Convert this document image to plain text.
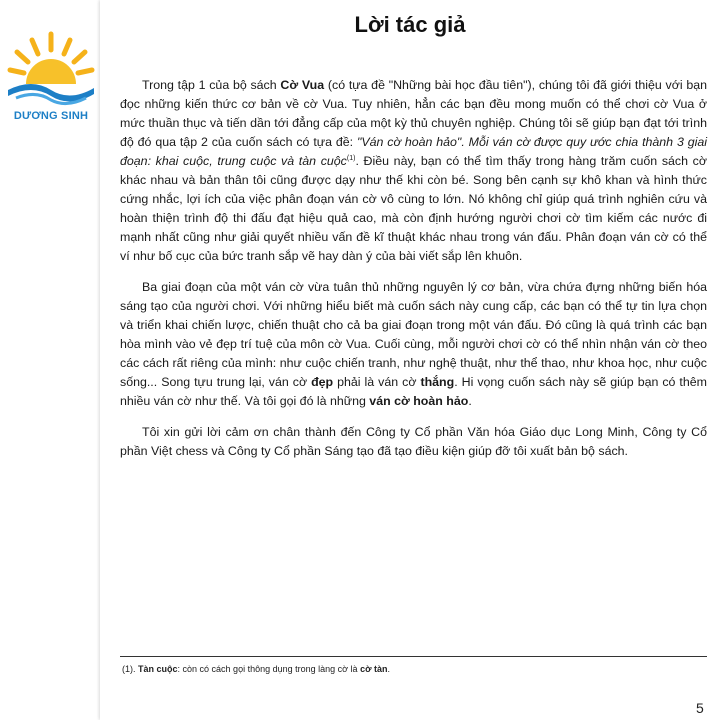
DƯƠNG SINH
Lời tác giả

Trong tập 1 của bộ sách Cờ Vua (có tựa đề "Những bài học đầu tiên"), chúng tôi đã giới thiệu với bạn đọc những kiến thức cơ bản về cờ Vua. Tuy nhiên, hẳn các bạn đều mong muốn có thể chơi cờ Vua ở mức thuần thục và tiến dần tới đẳng cấp của một kỳ thủ chuyên nghiệp. Chúng tôi sẽ giúp bạn đạt tới trình độ đó qua tập 2 của cuốn sách có tựa đề: "Ván cờ hoàn hảo". Mỗi ván cờ được quy ước chia thành 3 giai đoạn: khai cuộc, trung cuộc và tàn cuộc$^{(1)}$. Điều này, bạn có thể tìm thấy trong hàng trăm cuốn sách cờ khác nhau và bản thân tôi cũng được dạy như thế khi còn bé. Song bên cạnh sự khô khan và hình thức cứng nhắc, lợi ích của việc phân đoạn ván cờ vô cùng to lớn. Nó không chỉ giúp quá trình nghiên cứu và hoàn thiện trình độ thi đấu đạt hiệu quả cao, mà còn định hướng người chơi cờ tìm kiếm các nước đi mạnh nhất cũng như giải quyết nhiều vấn đề kĩ thuật khác nhau trong ván đấu. Phân đoạn ván cờ có thể ví như bố cục của bức tranh sắp vẽ hay dàn ý của bài viết sắp lên khuôn.

Ba giai đoạn của một ván cờ vừa tuân thủ những nguyên lý cơ bản, vừa chứa đựng những biến hóa sáng tạo của người chơi. Với những hiểu biết mà cuốn sách này cung cấp, các bạn có thể tự tin lựa chọn và triển khai chiến lược, chiến thuật cho cả ba giai đoạn trong một ván đấu. Đó cũng là quá trình các bạn hòa mình vào vẻ đẹp trí tuệ của môn cờ Vua. Cuối cùng, mỗi người chơi cờ có thể nhìn nhận ván cờ theo các cách rất riêng của mình: như cuộc chiến tranh, như nghệ thuật, như thể thao, như khoa học, như cuộc sống... Song tựu trung lại, ván cờ đẹp phải là ván cờ thắng. Hi vọng cuốn sách này sẽ giúp bạn có thêm nhiều ván cờ như thế. Và tôi gọi đó là những ván cờ hoàn hảo.

Tôi xin gửi lời cảm ơn chân thành đến Công ty Cổ phần Văn hóa Giáo dục Long Minh, Công ty Cổ phần Việt chess và Công ty Cổ phần Sáng tạo đã tạo điều kiện giúp đỡ tôi xuất bản bộ sách.

(1). Tàn cuộc: còn có cách gọi thông dụng trong làng cờ là cờ tàn.
5
